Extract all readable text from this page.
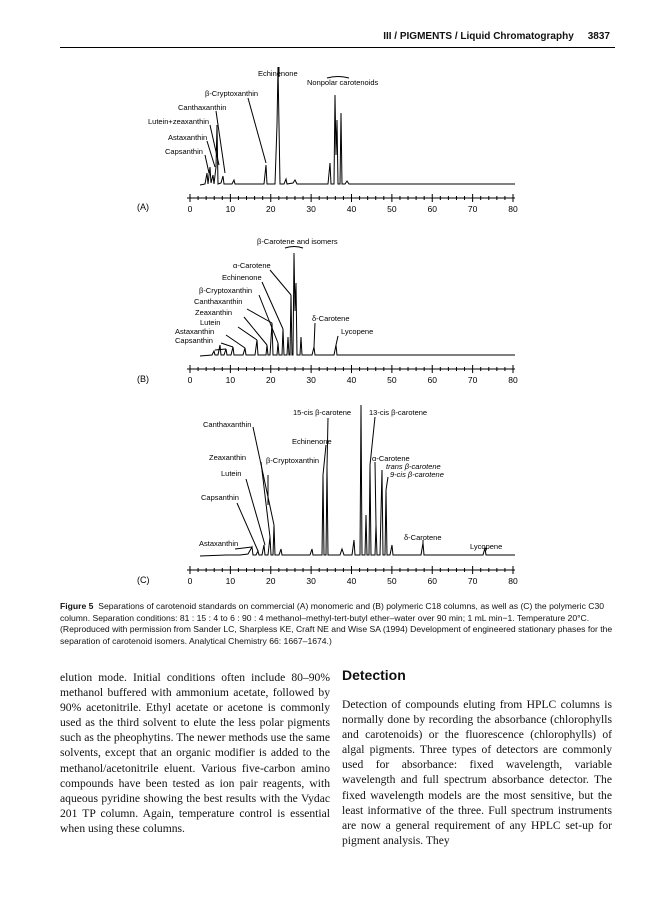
III / PIGMENTS / Liquid Chromatography 3837
0	10	20	30	40	50	60	70	80
0	10	20	30	40	50	60	70	80
0	10	20	30	40	50	60	70	80
(A)
Echinenone
β-Cryptoxanthin
Nonpolar carotenoids
Canthaxanthin
Lutein+zeaxanthin
Astaxanthin
Capsanthin
(B)
β-Carotene and isomers
α-Carotene
Echinenone
β-Cryptoxanthin
Canthaxanthin
Zeaxanthin
Lutein	δ-Carotene
Astaxanthin	Lycopene
Capsanthin
(C)
15-cis β-carotene 13-cis β-carotene
Canthaxanthin
Echinenone
Zeaxanthin	β-Cryptoxanthin	α-Carotene
trans β-carotene
9-cis β-carotene
Lutein
Capsanthin
Astaxanthin
δ-Carotene
Lycopene
Figure 5 Separations of carotenoid standards on commercial (A) monomeric and (B) polymeric C18 columns, as well as (C) the polymeric C30 column. Separation conditions: 81 : 15 : 4 to 6 : 90 : 4 methanol–methyl-tert-butyl ether–water over 90 min; 1 mL min−1. Temperature 20°C. (Reproduced with permission from Sander LC, Sharpless KE, Craft NE and Wise SA (1994) Development of engineered stationary phases for the separation of carotenoid isomers. Analytical Chemistry 66: 1667–1674.)
elution mode. Initial conditions often include 80–90% methanol buffered with ammonium acetate, followed by 90% acetonitrile. Ethyl acetate or acetone is commonly used as the third solvent to elute the less polar pigments such as the pheophytins. The newer methods use the same solvents, except that an organic modifier is added to the methanol/acetonitrile eluent. Various five-carbon amino compounds have been tested as ion pair reagents, with aqueous pyridine showing the best results with the Vydac 201 TP column. Again, temperature control is essential when using these columns.
Detection
Detection of compounds eluting from HPLC columns is normally done by recording the absorbance (chlorophylls and carotenoids) or the fluorescence (chlorophylls) of algal pigments. Three types of detectors are commonly used for absorbance: fixed wavelength, variable wavelength and full spectrum absorbance detector. The fixed wavelength models are the most sensitive, but the least informative of the three. Full spectrum instruments are now a general requirement of any HPLC set-up for pigment analysis. They
